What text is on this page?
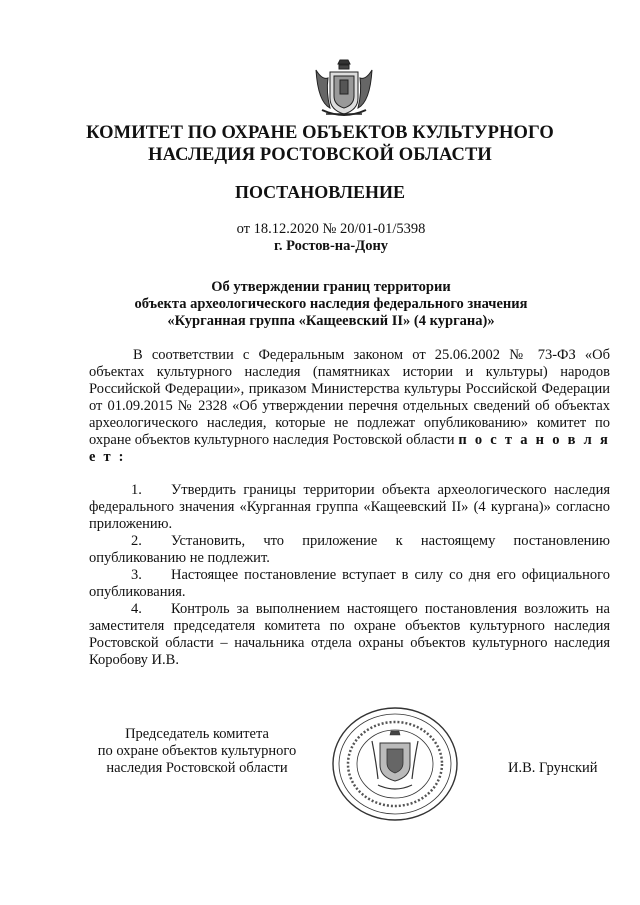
КОМИТЕТ ПО ОХРАНЕ ОБЪЕКТОВ КУЛЬТУРНОГО
НАСЛЕДИЯ РОСТОВСКОЙ ОБЛАСТИ
ПОСТАНОВЛЕНИЕ
от 18.12.2020 № 20/01-01/5398
г. Ростов-на-Дону
Об утверждении границ территории
объекта археологического наследия федерального значения
«Курганная группа «Кащеевский II» (4 кургана)»

В соответствии с Федеральным законом от 25.06.2002 № 73-ФЗ «Об объектах культурного наследия (памятниках истории и культуры) народов Российской Федерации», приказом Министерства культуры Российской Федерации от 01.09.2015 № 2328 «Об утверждении перечня отдельных сведений об объектах археологического наследия, которые не подлежат опубликованию» комитет по охране объектов культурного наследия Ростовской области п о с т а н о в л я е т :

1. Утвердить границы территории объекта археологического наследия федерального значения «Курганная группа «Кащеевский II» (4 кургана)» согласно приложению.

2. Установить, что приложение к настоящему постановлению опубликованию не подлежит.

3. Настоящее постановление вступает в силу со дня его официального опубликования.

4. Контроль за выполнением настоящего постановления возложить на заместителя председателя комитета по охране объектов культурного наследия Ростовской области – начальника отдела охраны объектов культурного наследия Коробову И.В.

Председатель комитета
по охране объектов культурного
наследия Ростовской области	И.В. Грунский
